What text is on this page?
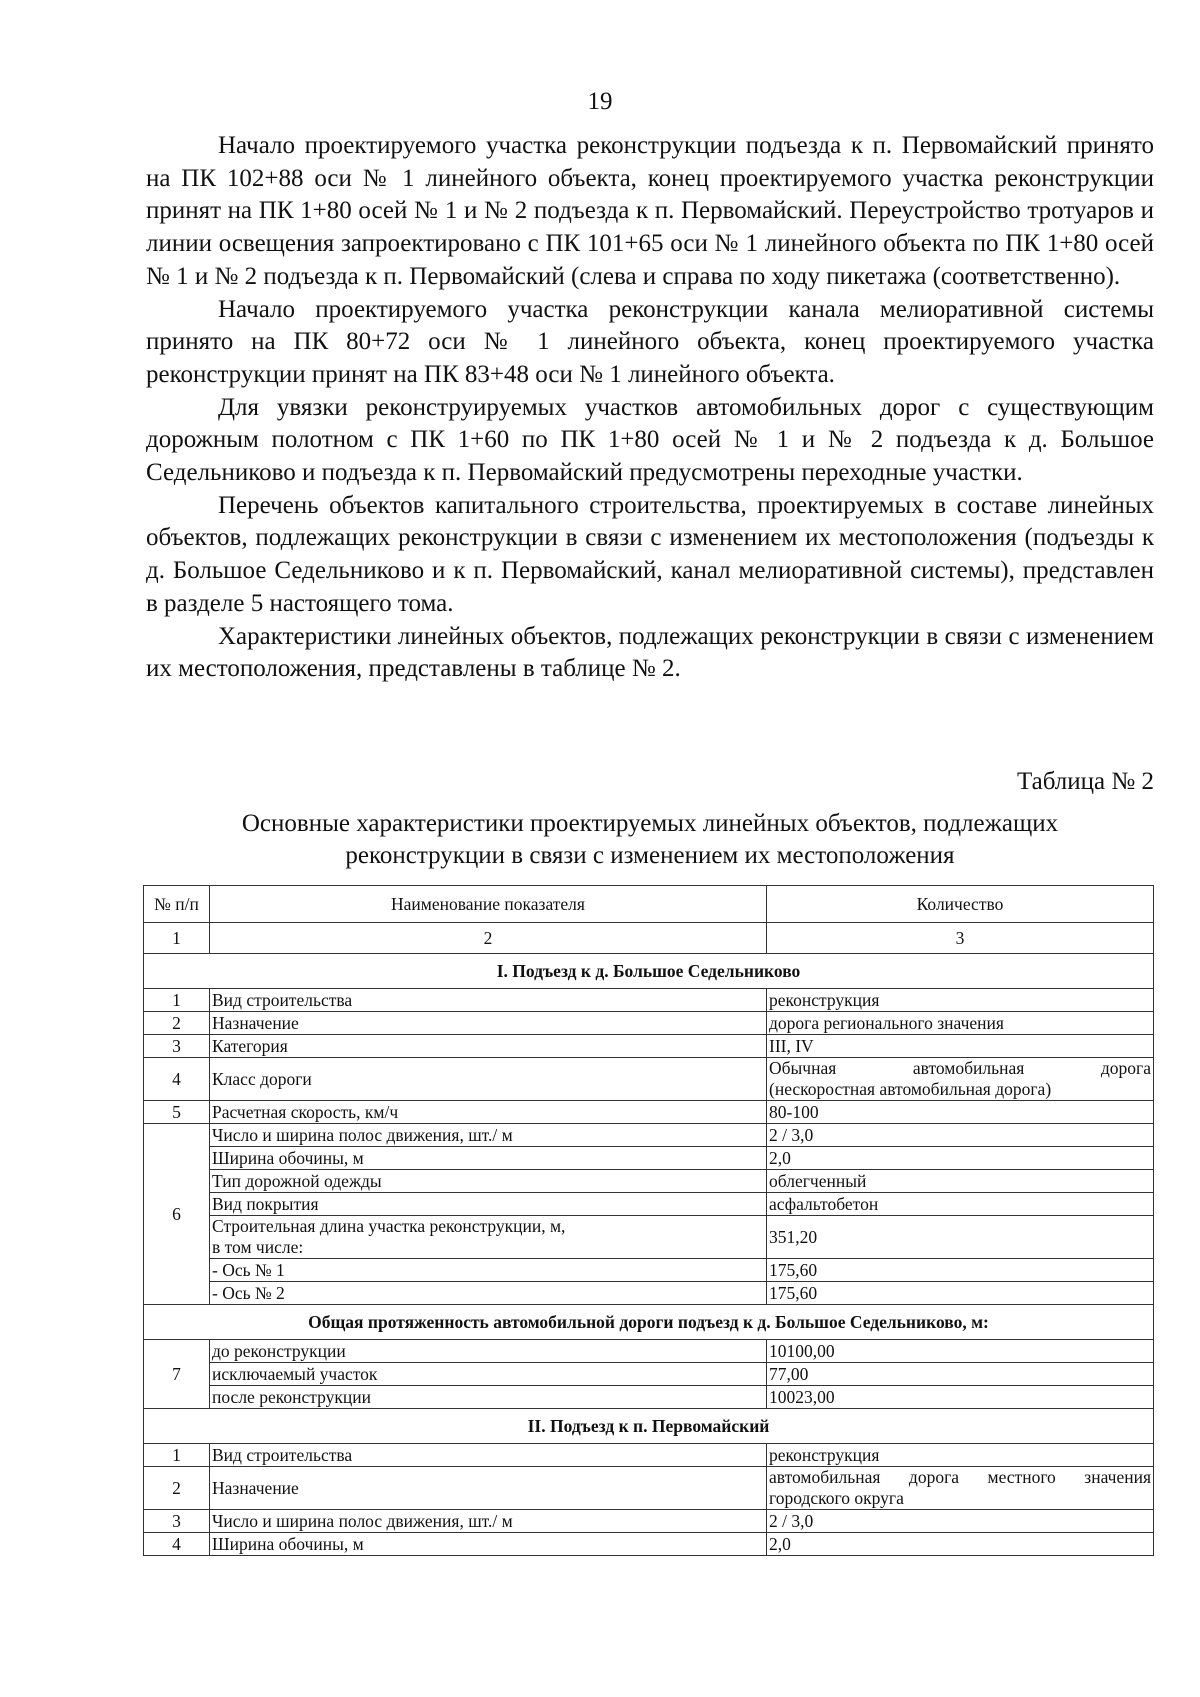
19

Начало проектируемого участка реконструкции подъезда к п. Первомайский принято на ПК 102+88 оси № 1 линейного объекта, конец проектируемого участка реконструкции принят на ПК 1+80 осей № 1 и № 2 подъезда к п. Первомайский. Переустройство тротуаров и линии освещения запроектировано с ПК 101+65 оси № 1 линейного объекта по ПК 1+80 осей № 1 и № 2 подъезда к п. Первомайский (слева и справа по ходу пикетажа (соответственно).

Начало проектируемого участка реконструкции канала мелиоративной системы принято на ПК 80+72 оси № 1 линейного объекта, конец проектируемого участка реконструкции принят на ПК 83+48 оси № 1 линейного объекта.

Для увязки реконструируемых участков автомобильных дорог с существующим дорожным полотном с ПК 1+60 по ПК 1+80 осей № 1 и № 2 подъезда к д. Большое Седельниково и подъезда к п. Первомайский предусмотрены переходные участки.

Перечень объектов капитального строительства, проектируемых в составе линейных объектов, подлежащих реконструкции в связи с изменением их местоположения (подъезды к д. Большое Седельниково и к п. Первомайский, канал мелиоративной системы), представлен в разделе 5 настоящего тома.

Характеристики линейных объектов, подлежащих реконструкции в связи с изменением их местоположения, представлены в таблице № 2.

Таблица № 2
Основные характеристики проектируемых линейных объектов, подлежащих
реконструкции в связи с изменением их местоположения
№ п/п	Наименование показателя	Количество
1	2	3
I. Подъезд к д. Большое Седельниково		
1	Вид строительства	реконструкция
2	Назначение	дорога регионального значения
3	Категория	III, IV
4	Класс дороги	Обычная автомобильная дорога
(нескоростная автомобильная дорога)

5	Расчетная скорость, км/ч	80-100
6	Число и ширина полос движения, шт./ м	2 / 3,0
	Ширина обочины, м	2,0
	Тип дорожной одежды	облегченный
	Вид покрытия	асфальтобетон

	Строительная длина участка реконструкции, м,
в том числе:	351,20
	- Ось № 1	175,60
	- Ось № 2	175,60
Общая протяженность автомобильной дороги подъезд к д. Большое Седельниково, м:		
7	до реконструкции	10100,00
	исключаемый участок	77,00
	после реконструкции	10023,00
II. Подъезд к п. Первомайский		
1	Вид строительства	реконструкция
2	Назначение	автомобильная дорога местного значения
городского округа

3	Число и ширина полос движения, шт./ м	2 / 3,0
4	Ширина обочины, м	2,0
